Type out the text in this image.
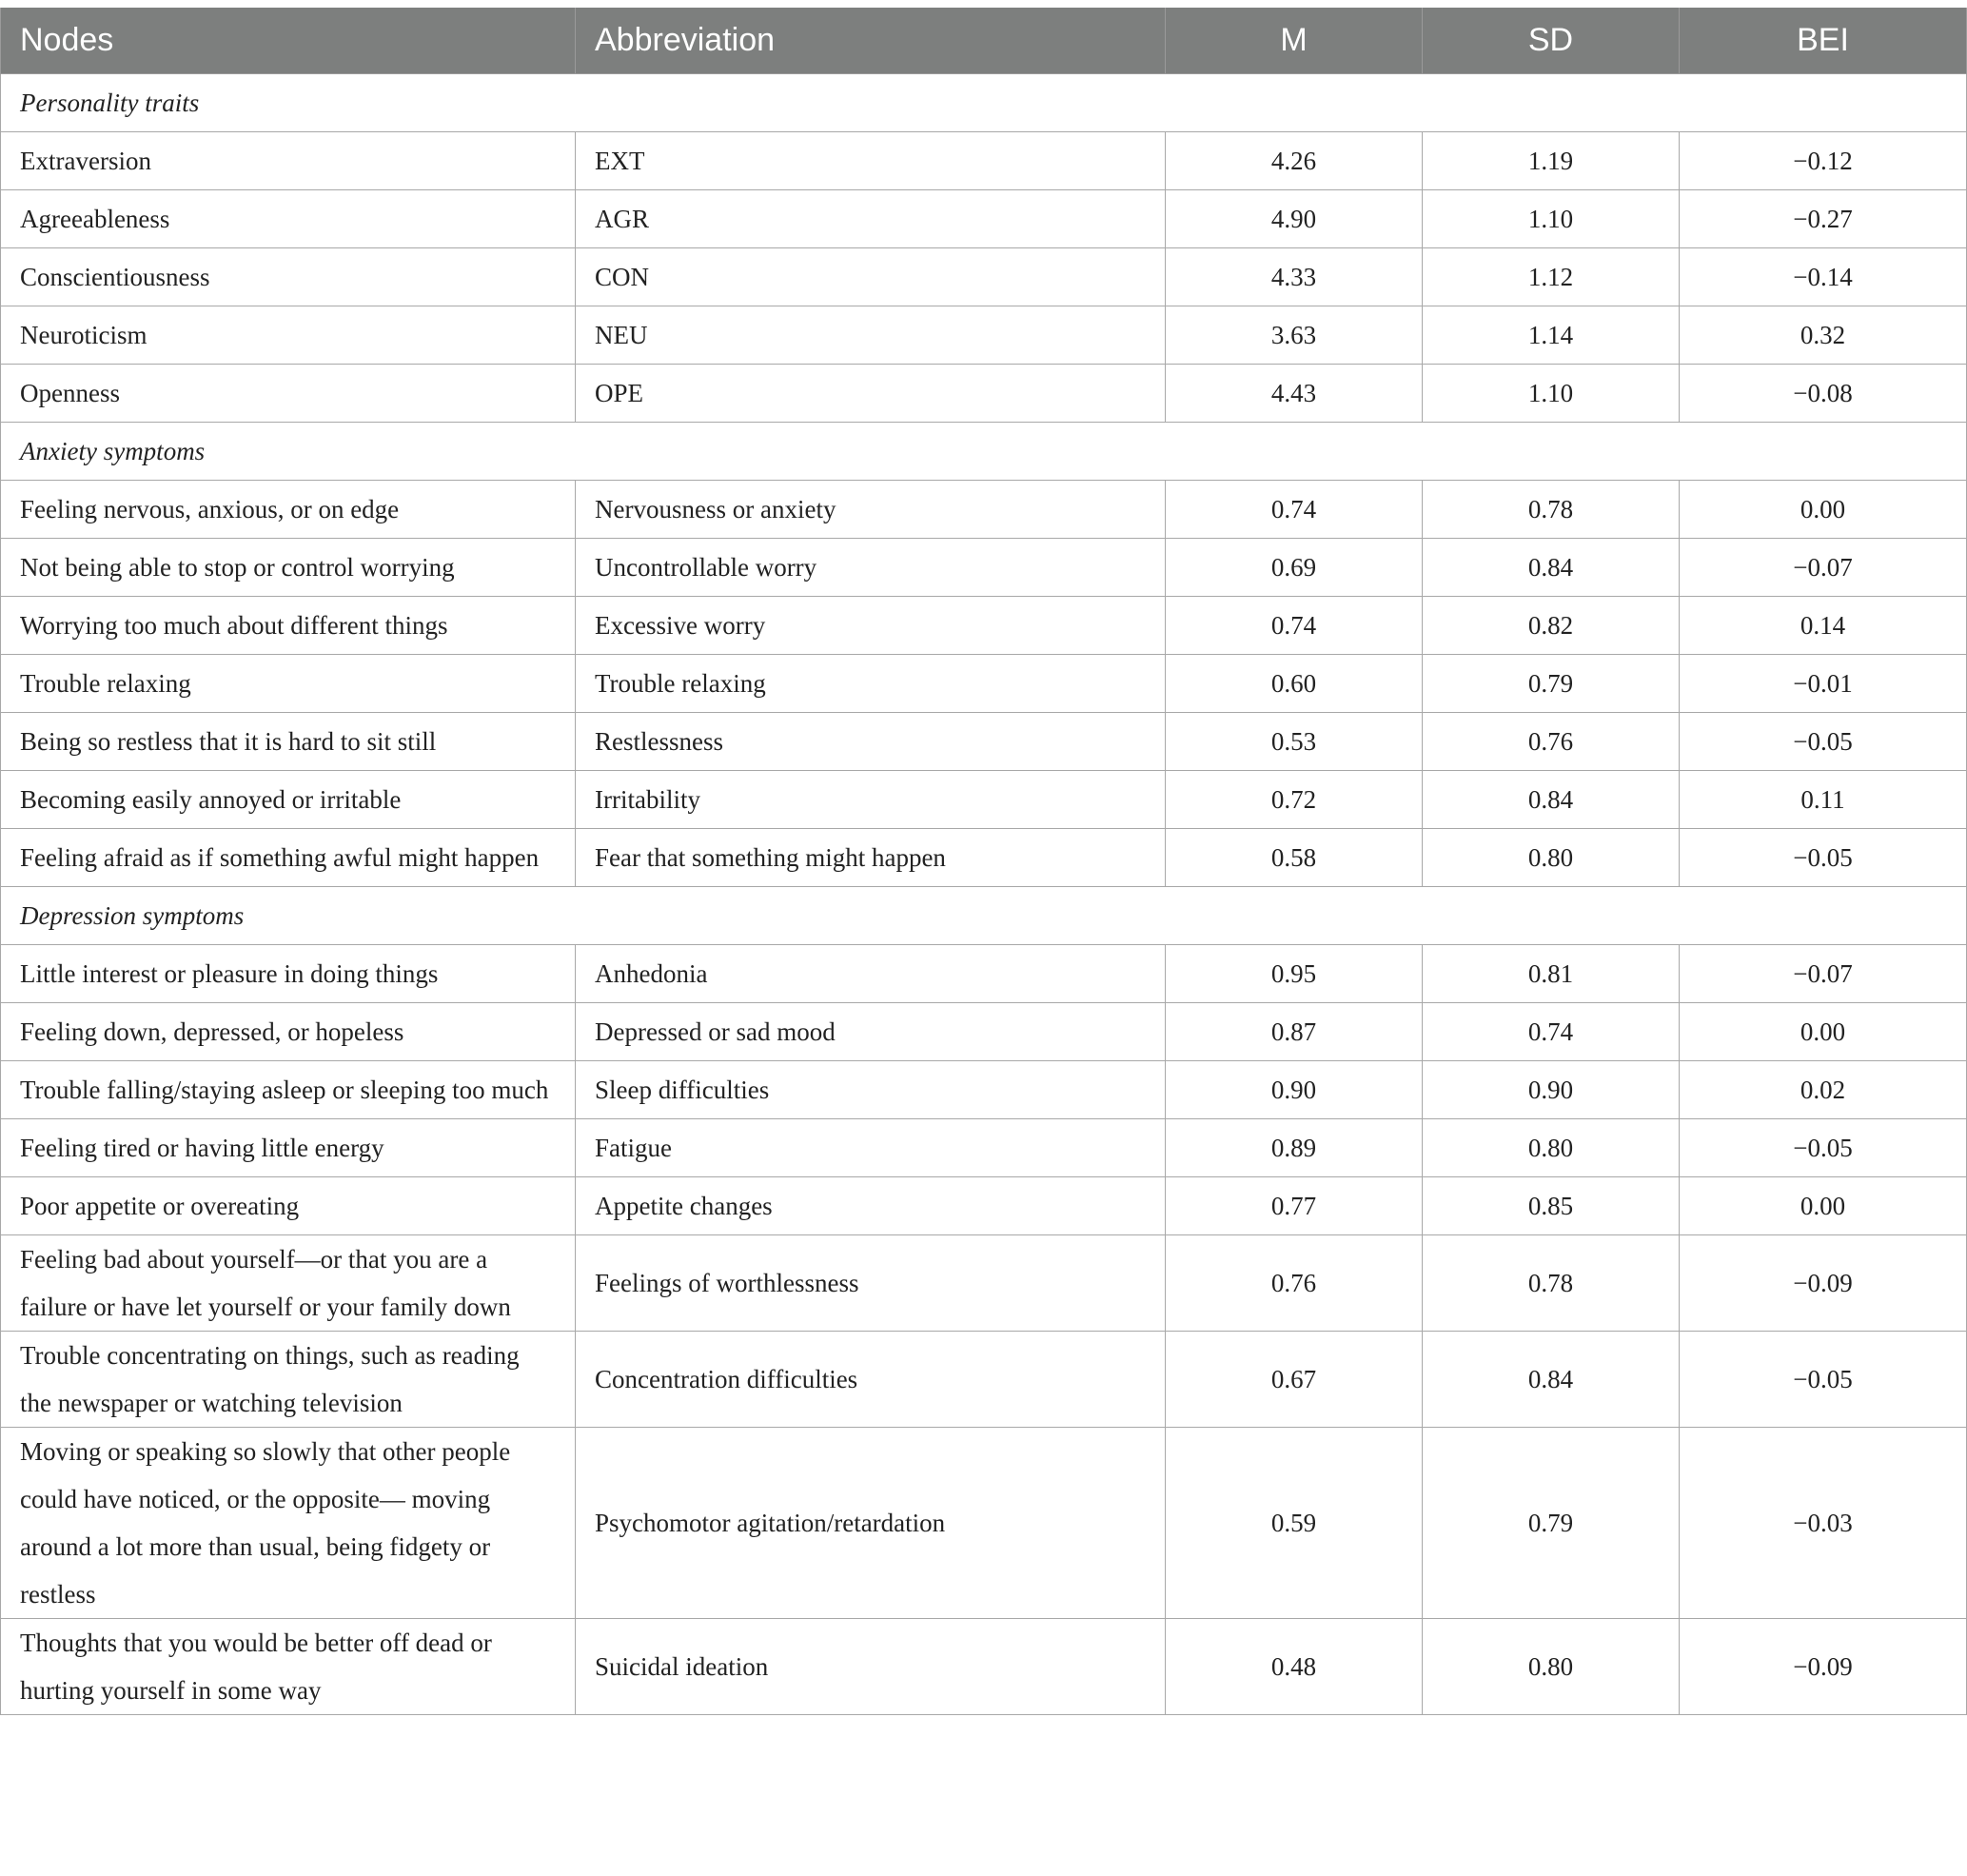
Nodes	Abbreviation	M	SD	BEI
Personality traits				
Extraversion	EXT	4.26	1.19	−0.12
Agreeableness	AGR	4.90	1.10	−0.27
Conscientiousness	CON	4.33	1.12	−0.14
Neuroticism	NEU	3.63	1.14	0.32
Openness	OPE	4.43	1.10	−0.08
Anxiety symptoms				
Feeling nervous, anxious, or on edge	Nervousness or anxiety	0.74	0.78	0.00
Not being able to stop or control worrying	Uncontrollable worry	0.69	0.84	−0.07
Worrying too much about different things	Excessive worry	0.74	0.82	0.14
Trouble relaxing	Trouble relaxing	0.60	0.79	−0.01
Being so restless that it is hard to sit still	Restlessness	0.53	0.76	−0.05
Becoming easily annoyed or irritable	Irritability	0.72	0.84	0.11
Feeling afraid as if something awful might happen	Fear that something might happen	0.58	0.80	−0.05
Depression symptoms				
Little interest or pleasure in doing things	Anhedonia	0.95	0.81	−0.07
Feeling down, depressed, or hopeless	Depressed or sad mood	0.87	0.74	0.00
Trouble falling/staying asleep or sleeping too much	Sleep difficulties	0.90	0.90	0.02
Feeling tired or having little energy	Fatigue	0.89	0.80	−0.05
Poor appetite or overeating	Appetite changes	0.77	0.85	0.00
Feeling bad about yourself—or that you are a failure or have let yourself or your family down	Feelings of worthlessness	0.76	0.78	−0.09
Trouble concentrating on things, such as reading the newspaper or watching television	Concentration difficulties	0.67	0.84	−0.05
Moving or speaking so slowly that other people could have noticed, or the opposite— moving around a lot more than usual, being fidgety or restless	Psychomotor agitation/retardation	0.59	0.79	−0.03
Thoughts that you would be better off dead or hurting yourself in some way	Suicidal ideation	0.48	0.80	−0.09
